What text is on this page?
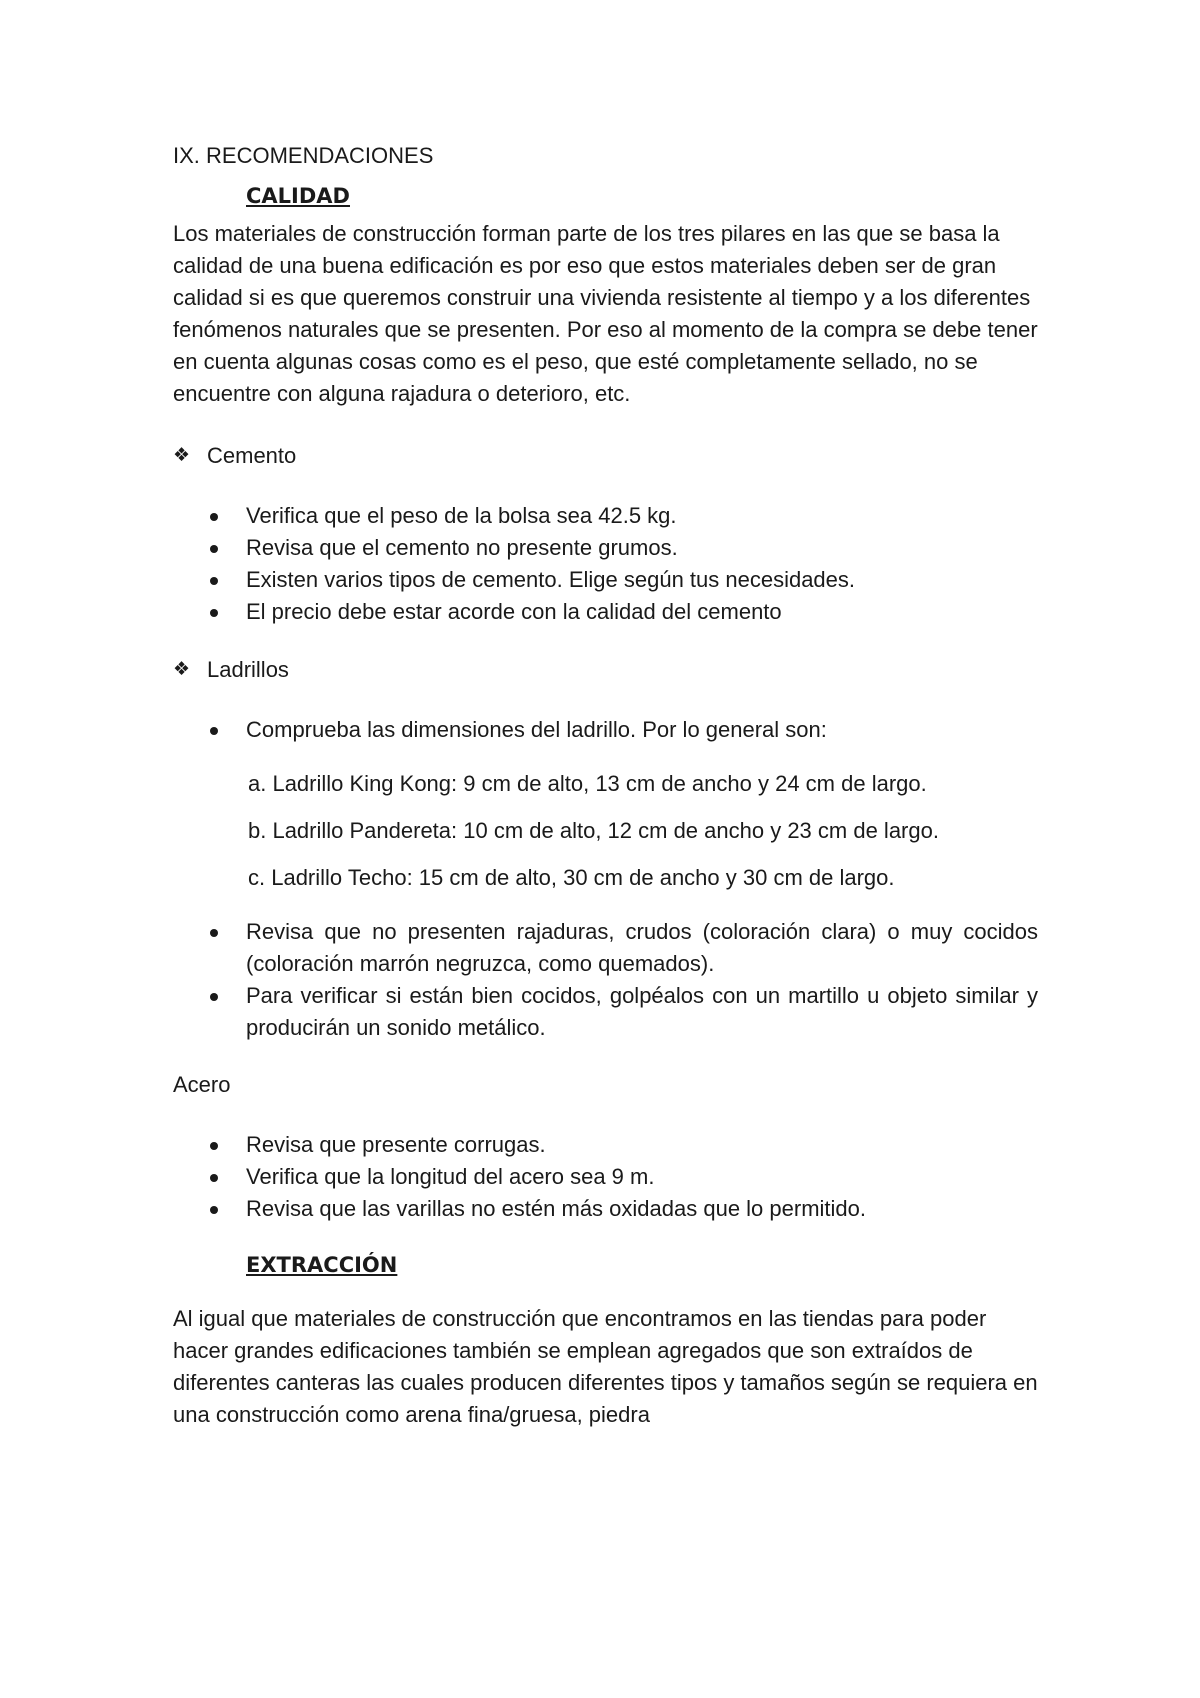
IX. RECOMENDACIONES
CALIDAD

Los materiales de construcción forman parte de los tres pilares en las que se basa la calidad de una buena edificación es por eso que estos materiales deben ser de gran calidad si es que queremos construir una vivienda resistente al tiempo y a los diferentes fenómenos naturales que se presenten. Por eso al momento de la compra se debe tener en cuenta algunas cosas como es el peso, que esté completamente sellado, no se encuentre con alguna rajadura o deterioro, etc.

❖ Cemento
Verifica que el peso de la bolsa sea 42.5 kg.
Revisa que el cemento no presente grumos.
Existen varios tipos de cemento. Elige según tus necesidades.
El precio debe estar acorde con la calidad del cemento
❖ Ladrillos
Comprueba las dimensiones del ladrillo. Por lo general son:
a. Ladrillo King Kong: 9 cm de alto, 13 cm de ancho y 24 cm de largo.
b. Ladrillo Pandereta: 10 cm de alto, 12 cm de ancho y 23 cm de largo.
c. Ladrillo Techo: 15 cm de alto, 30 cm de ancho y 30 cm de largo.
Revisa que no presenten rajaduras, crudos (coloración clara) o muy cocidos (coloración marrón negruzca, como quemados).
Para verificar si están bien cocidos, golpéalos con un martillo u objeto similar y producirán un sonido metálico.

Acero

Revisa que presente corrugas.
Verifica que la longitud del acero sea 9 m.
Revisa que las varillas no estén más oxidadas que lo permitido.
EXTRACCIÓN

Al igual que materiales de construcción que encontramos en las tiendas para poder hacer grandes edificaciones también se emplean agregados que son extraídos de diferentes canteras las cuales producen diferentes tipos y tamaños según se requiera en una construcción como arena fina/gruesa, piedra
